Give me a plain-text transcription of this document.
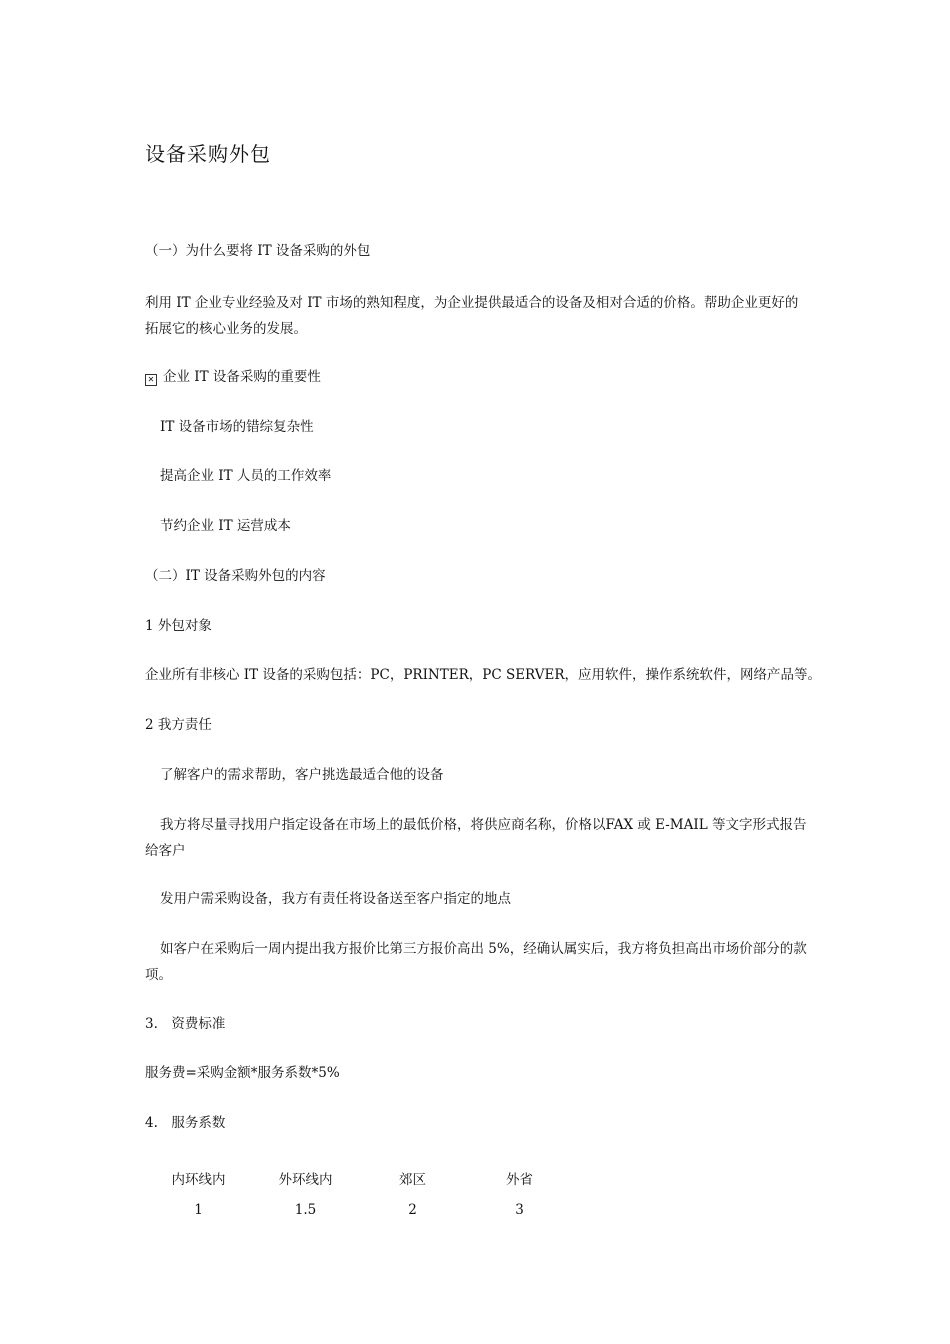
设备采购外包
（一）为什么要将 IT 设备采购的外包
利用 IT 企业专业经验及对 IT 市场的熟知程度，为企业提供最适合的设备及相对合适的价格。帮助企业更好的拓展它的核心业务的发展。
✕ 企业 IT 设备采购的重要性
IT 设备市场的错综复杂性
提高企业 IT 人员的工作效率
节约企业 IT 运营成本
（二）IT 设备采购外包的内容
1 外包对象
企业所有非核心 IT 设备的采购包括：PC，PRINTER，PC SERVER，应用软件，操作系统软件，网络产品等。
2 我方责任
了解客户的需求帮助，客户挑选最适合他的设备
我方将尽量寻找用户指定设备在市场上的最低价格，将供应商名称，价格以FAX 或 E-MAIL 等文字形式报告给客户
发用户需采购设备，我方有责任将设备送至客户指定的地点
如客户在采购后一周内提出我方报价比第三方报价高出 5%，经确认属实后，我方将负担高出市场价部分的款项。
3.　资费标准
服务费=采购金额*服务系数*5%
4.　服务系数
内环线内	外环线内	郊区	外省
1	1.5	2	3
